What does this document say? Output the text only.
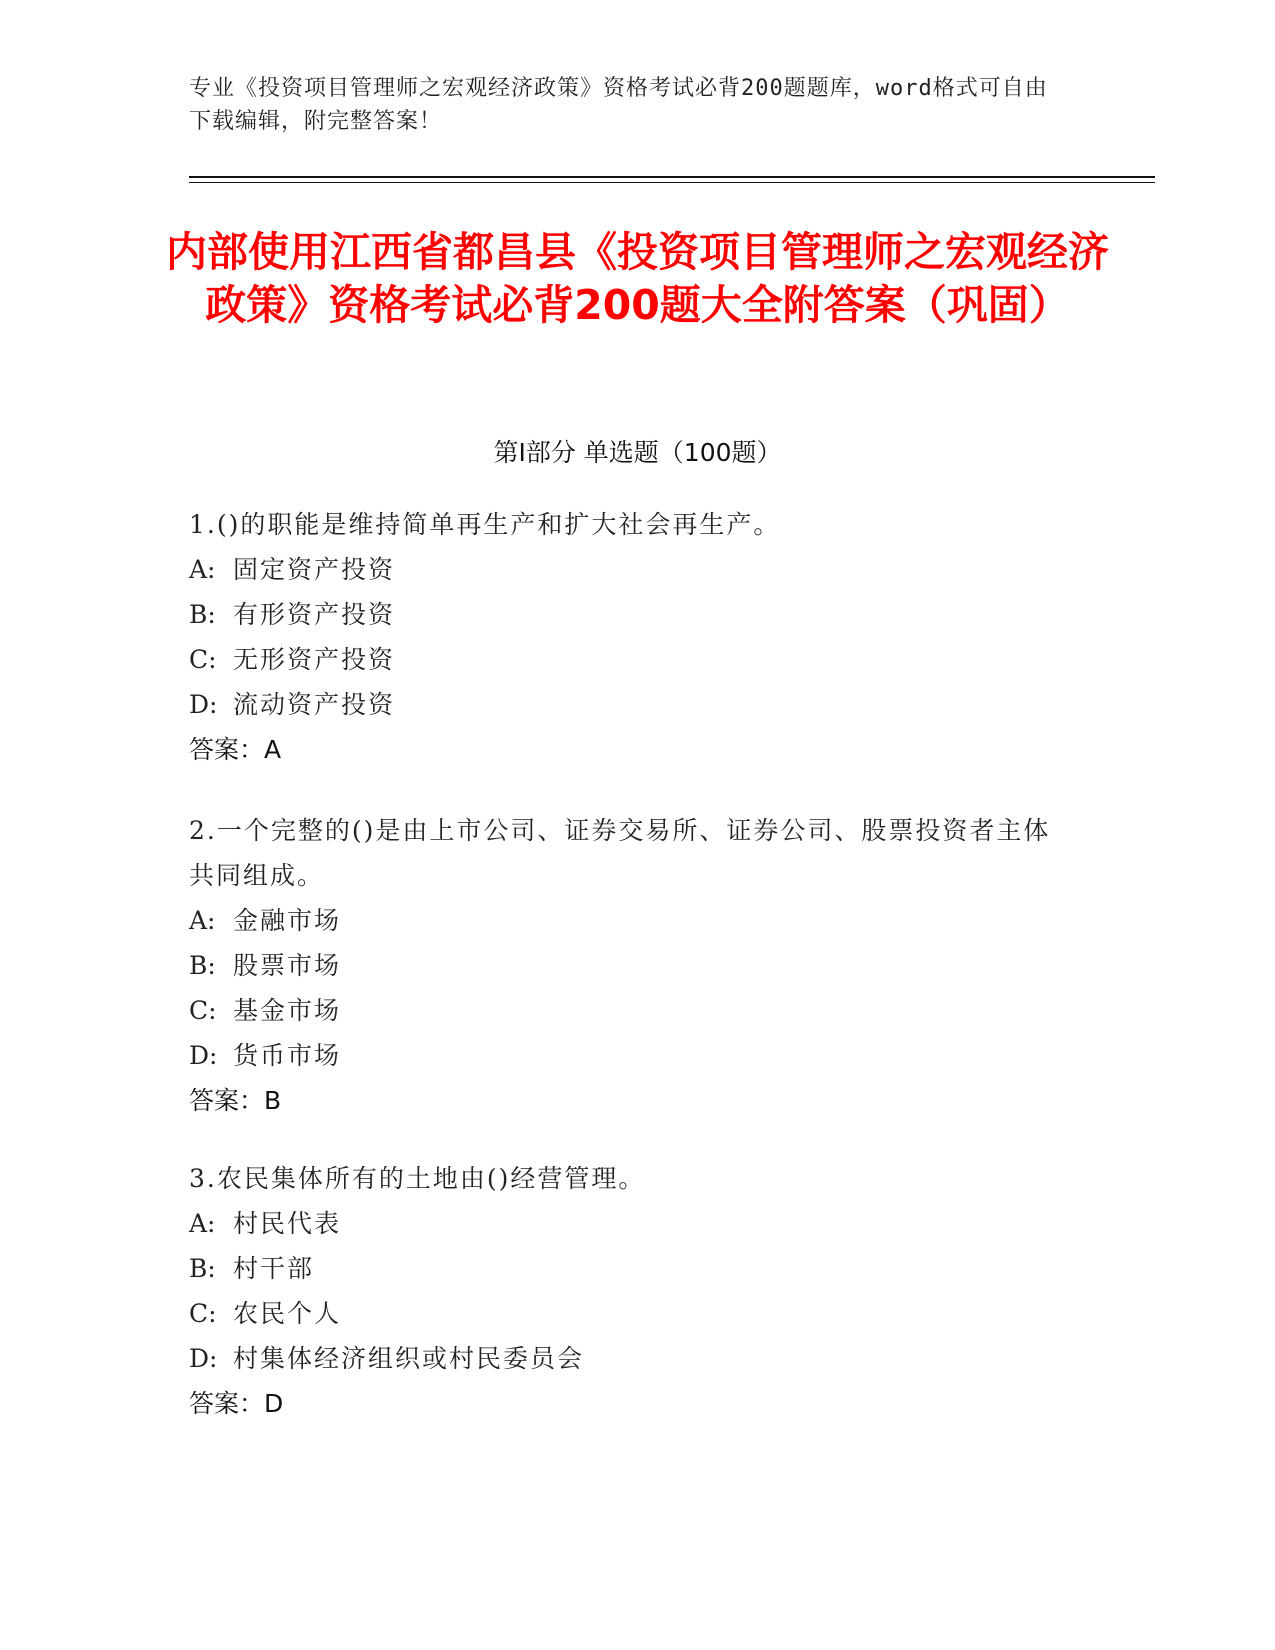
专业《投资项目管理师之宏观经济政策》资格考试必背200题题库，word格式可自由下载编辑，附完整答案！
内部使用江西省都昌县《投资项目管理师之宏观经济政策》资格考试必背200题大全附答案（巩固）
第Ⅰ部分 单选题（100题）
1.()的职能是维持简单再生产和扩大社会再生产。
A: 固定资产投资
B: 有形资产投资
C: 无形资产投资
D: 流动资产投资
答案：A
2.一个完整的()是由上市公司、证券交易所、证券公司、股票投资者主体共同组成。
A: 金融市场
B: 股票市场
C: 基金市场
D: 货币市场
答案：B
3.农民集体所有的土地由()经营管理。
A: 村民代表
B: 村干部
C: 农民个人
D: 村集体经济组织或村民委员会
答案：D
